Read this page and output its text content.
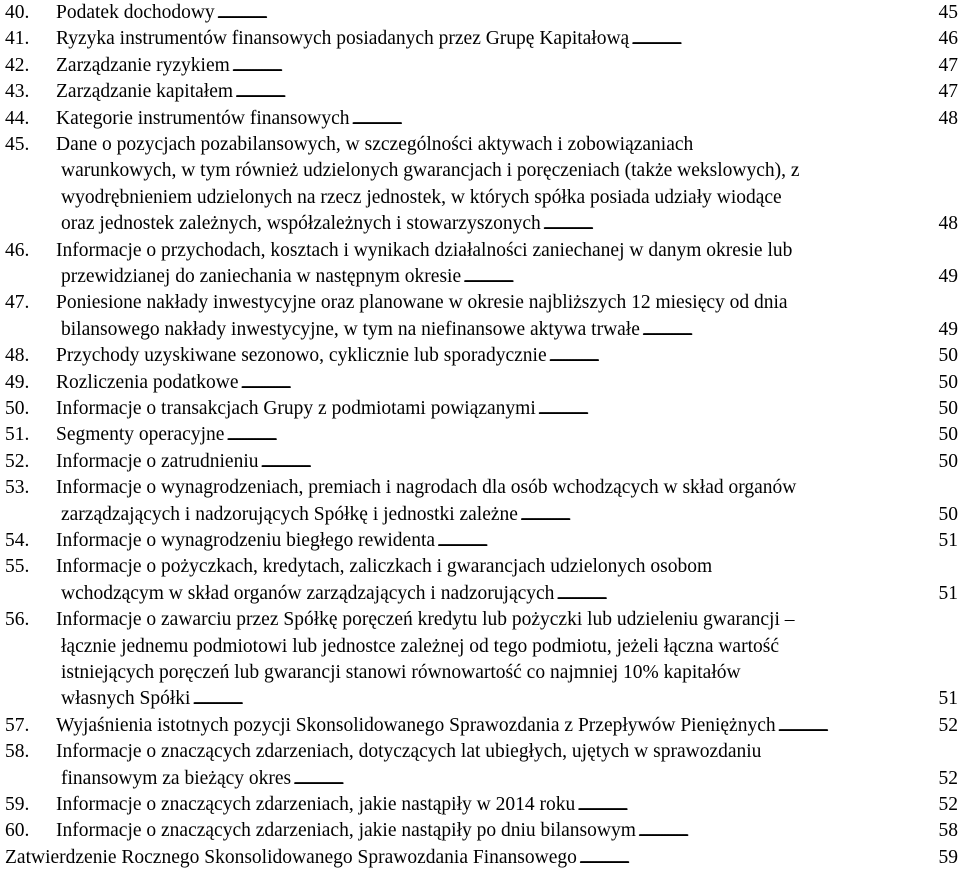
40.	Podatek dochodowy . . .	45
41.	Ryzyka instrumentów finansowych posiadanych przez Grupę Kapitałową . . .	46
42.	Zarządzanie ryzykiem . . .	47
43.	Zarządzanie kapitałem . . .	47
44.	Kategorie instrumentów finansowych . . .	48
45.	Dane o pozycjach pozabilansowych, w szczególności aktywach i zobowiązaniach
warunkowych, w tym również udzielonych gwarancjach i poręczeniach (także wekslowych), z
wyodrębnieniem udzielonych na rzecz jednostek, w których spółka posiada udziały wiodące
oraz jednostek zależnych, współzależnych i stowarzyszonych . . .	48
46.	Informacje o przychodach, kosztach i wynikach działalności zaniechanej w danym okresie lub
przewidzianej do zaniechania w następnym okresie . . .	49
47.	Poniesione nakłady inwestycyjne oraz planowane w okresie najbliższych 12 miesięcy od dnia
bilansowego nakłady inwestycyjne, w tym na niefinansowe aktywa trwałe . . .	49
48.	Przychody uzyskiwane sezonowo, cyklicznie lub sporadycznie . . .	50
49.	Rozliczenia podatkowe . . .	50
50.	Informacje o transakcjach Grupy z podmiotami powiązanymi . . .	50
51.	Segmenty operacyjne . . .	50
52.	Informacje o zatrudnieniu . . .	50
53.	Informacje o wynagrodzeniach, premiach i nagrodach dla osób wchodzących w skład organów
zarządzających i nadzorujących Spółkę i jednostki zależne . . .	50
54.	Informacje o wynagrodzeniu biegłego rewidenta . . .	51
55.	Informacje o pożyczkach, kredytach, zaliczkach i gwarancjach udzielonych osobom
wchodzącym w skład organów zarządzających i nadzorujących . . .	51
56.	Informacje o zawarciu przez Spółkę poręczeń kredytu lub pożyczki lub udzieleniu gwarancji –
łącznie jednemu podmiotowi lub jednostce zależnej od tego podmiotu, jeżeli łączna wartość
istniejących poręczeń lub gwarancji stanowi równowartość co najmniej 10% kapitałów
własnych Spółki . . .	51
57.	Wyjaśnienia istotnych pozycji Skonsolidowanego Sprawozdania z Przepływów Pieniężnych . . .	52
58.	Informacje o znaczących zdarzeniach, dotyczących lat ubiegłych, ujętych w sprawozdaniu
finansowym za bieżący okres . . .	52
59.	Informacje o znaczących zdarzeniach, jakie nastąpiły w 2014 roku . . .	52
60.	Informacje o znaczących zdarzeniach, jakie nastąpiły po dniu bilansowym . . .	58
Zatwierdzenie Rocznego Skonsolidowanego Sprawozdania Finansowego . . .	59
